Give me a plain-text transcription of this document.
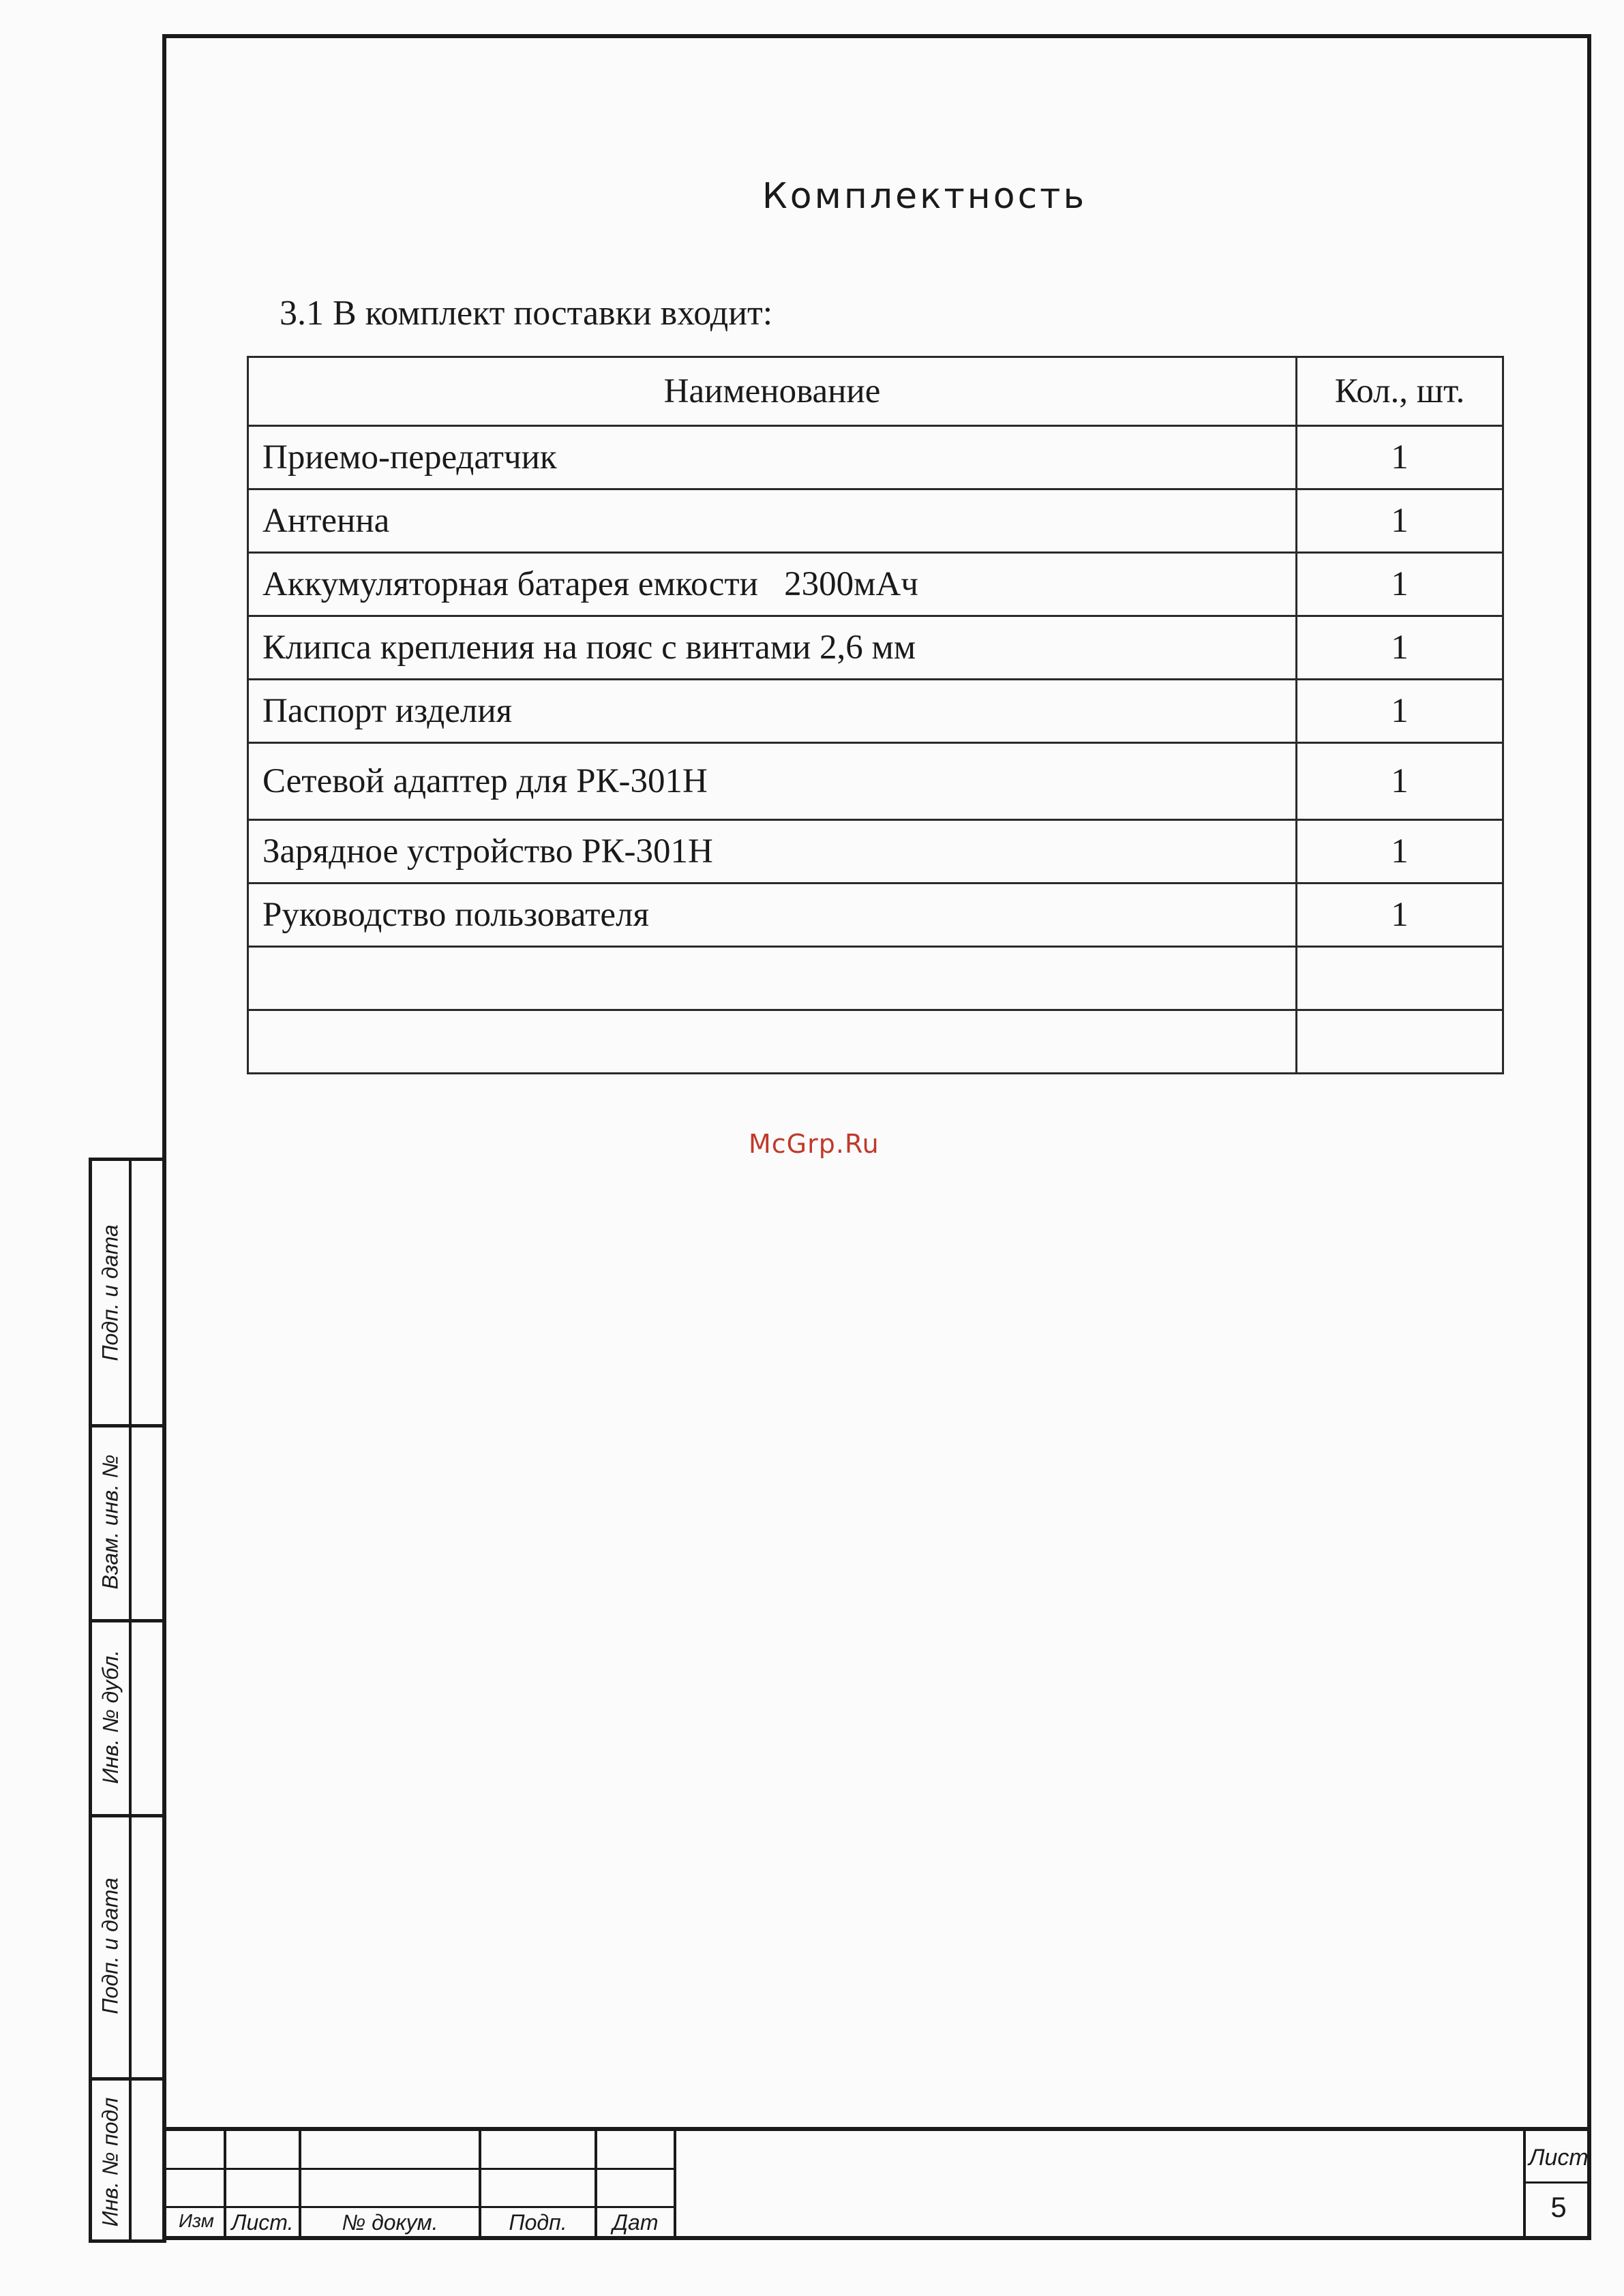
Комплектность
3.1 В комплект поставки входит:
Наименование	Кол., шт.
Приемо-передатчик	1
Антенна	1
Аккумуляторная батарея емкости   2300мАч	1
Клипса крепления на пояс с винтами 2,6 мм	1
Паспорт изделия	1
Сетевой адаптер для РК-301Н	1
Зарядное устройство РК-301Н	1
Руководство пользователя	1

McGrp.Ru
Подп. и дата
Взам. инв. №
Инв. № дубл.
Подп. и дата
Инв. № подл	Изм Лист.	№ докум.	Подп.	Дат
Лист
5
